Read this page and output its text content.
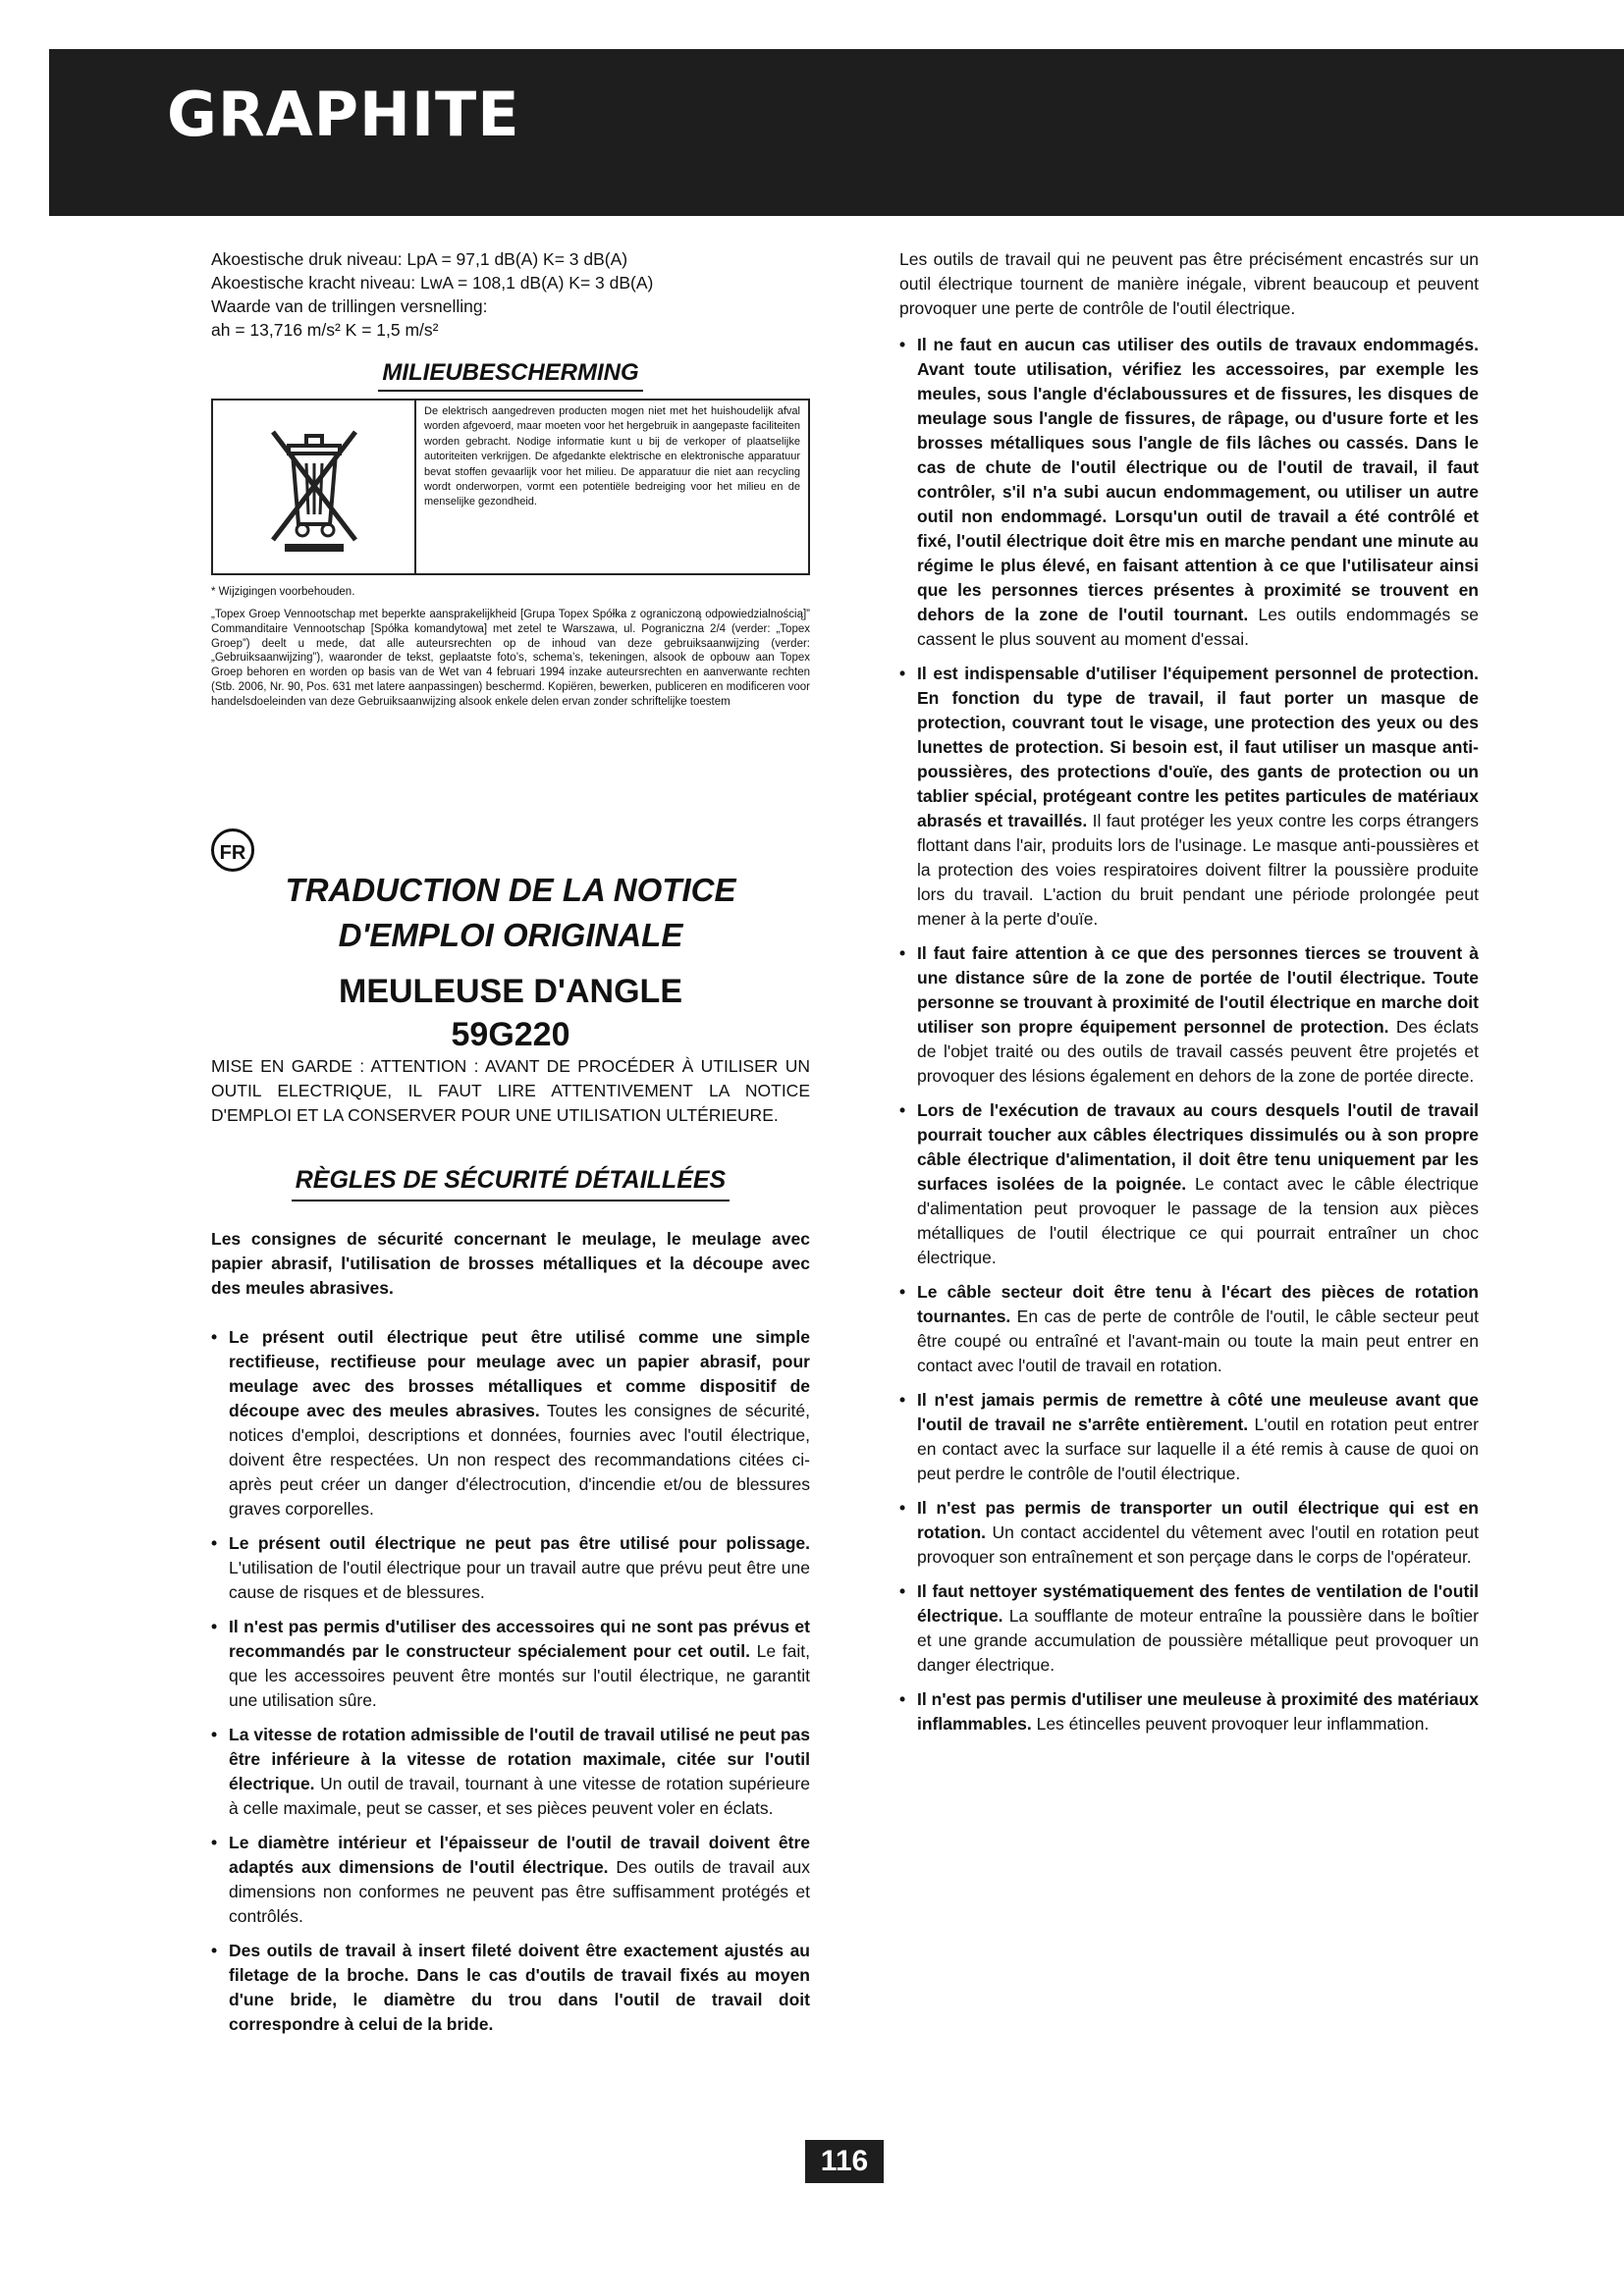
GRAPHITE

Akoestische druk niveau: LpA = 97,1 dB(A) K= 3 dB(A)

Akoestische kracht niveau: LwA = 108,1 dB(A) K= 3 dB(A)

Waarde van de trillingen versnelling:

ah = 13,716 m/s² K = 1,5 m/s²

MILIEUBESCHERMING
De elektrisch aangedreven producten mogen niet met het huishoudelijk afval worden afgevoerd, maar moeten voor het hergebruik in aangepaste faciliteiten worden gebracht. Nodige informatie kunt u bij de verkoper of plaatselijke autoriteiten verkrijgen. De afgedankte elektrische en elektronische apparatuur bevat stoffen gevaarlijk voor het milieu. De apparatuur die niet aan recycling wordt onderworpen, vormt een potentiële bedreiging voor het milieu en de menselijke gezondheid.

* Wijzigingen voorbehouden.

„Topex Groep Vennootschap met beperkte aansprakelijkheid [Grupa Topex Spółka z ograniczoną odpowiedzialnością]” Commanditaire Vennootschap [Spółka komandytowa] met zetel te Warszawa, ul. Pograniczna 2/4 (verder: „Topex Groep”) deelt u mede, dat alle auteursrechten op de inhoud van deze gebruiksaanwijzing (verder: „Gebruiksaanwijzing”), waaronder de tekst, geplaatste foto’s, schema’s, tekeningen, alsook de opbouw aan Topex Groep behoren en worden op basis van de Wet van 4 februari 1994 inzake auteursrechten en aanverwante rechten (Stb. 2006, Nr. 90, Pos. 631 met latere aanpassingen) beschermd. Kopiëren, bewerken, publiceren en modificeren voor handelsdoeleinden van deze Gebruiksaanwijzing alsook enkele delen ervan zonder schriftelijke toestem

FR
TRADUCTION DE LA NOTICE
D'EMPLOI ORIGINALE
MEULEUSE D'ANGLE
59G220

MISE EN GARDE : ATTENTION : AVANT DE PROCÉDER À UTILISER UN OUTIL ELECTRIQUE, IL FAUT LIRE ATTENTIVEMENT LA NOTICE D'EMPLOI ET LA CONSERVER POUR UNE UTILISATION ULTÉRIEURE.

RÈGLES DE SÉCURITÉ DÉTAILLÉES

Les consignes de sécurité concernant le meulage, le meulage avec papier abrasif, l'utilisation de brosses métalliques et la découpe avec des meules abrasives.

• Le présent outil électrique peut être utilisé comme une simple rectifieuse, rectifieuse pour meulage avec un papier abrasif, pour meulage avec des brosses métalliques et comme dispositif de découpe avec des meules abrasives. Toutes les consignes de sécurité, notices d'emploi, descriptions et données, fournies avec l'outil électrique, doivent être respectées. Un non respect des recommandations citées ci-après peut créer un danger d'électrocution, d'incendie et/ou de blessures graves corporelles.
• Le présent outil électrique ne peut pas être utilisé pour polissage. L'utilisation de l'outil électrique pour un travail autre que prévu peut être une cause de risques et de blessures.
• Il n'est pas permis d'utiliser des accessoires qui ne sont pas prévus et recommandés par le constructeur spécialement pour cet outil. Le fait, que les accessoires peuvent être montés sur l'outil électrique, ne garantit une utilisation sûre.
• La vitesse de rotation admissible de l'outil de travail utilisé ne peut pas être inférieure à la vitesse de rotation maximale, citée sur l'outil électrique. Un outil de travail, tournant à une vitesse de rotation supérieure à celle maximale, peut se casser, et ses pièces peuvent voler en éclats.
• Le diamètre intérieur et l'épaisseur de l'outil de travail doivent être adaptés aux dimensions de l'outil électrique. Des outils de travail aux dimensions non conformes ne peuvent pas être suffisamment protégés et contrôlés.
• Des outils de travail à insert fileté doivent être exactement ajustés au filetage de la broche. Dans le cas d'outils de travail fixés au moyen d'une bride, le diamètre du trou dans l'outil de travail doit correspondre à celui de la bride.

Les outils de travail qui ne peuvent pas être précisément encastrés sur un outil électrique tournent de manière inégale, vibrent beaucoup et peuvent provoquer une perte de contrôle de l'outil électrique.

• Il ne faut en aucun cas utiliser des outils de travaux endommagés. Avant toute utilisation, vérifiez les accessoires, par exemple les meules, sous l'angle d'éclaboussures et de fissures, les disques de meulage sous l'angle de fissures, de râpage, ou d'usure forte et les brosses métalliques sous l'angle de fils lâches ou cassés. Dans le cas de chute de l'outil électrique ou de l'outil de travail, il faut contrôler, s'il n'a subi aucun endommagement, ou utiliser un autre outil non endommagé. Lorsqu'un outil de travail a été contrôlé et fixé, l'outil électrique doit être mis en marche pendant une minute au régime le plus élevé, en faisant attention à ce que l'utilisateur ainsi que les personnes tierces présentes à proximité se trouvent en dehors de la zone de l'outil tournant. Les outils endommagés se cassent le plus souvent au moment d'essai.
• Il est indispensable d'utiliser l'équipement personnel de protection. En fonction du type de travail, il faut porter un masque de protection, couvrant tout le visage, une protection des yeux ou des lunettes de protection. Si besoin est, il faut utiliser un masque anti-poussières, des protections d'ouïe, des gants de protection ou un tablier spécial, protégeant contre les petites particules de matériaux abrasés et travaillés. Il faut protéger les yeux contre les corps étrangers flottant dans l'air, produits lors de l'usinage. Le masque anti-poussières et la protection des voies respiratoires doivent filtrer la poussière produite lors du travail. L'action du bruit pendant une période prolongée peut mener à la perte d'ouïe.
• Il faut faire attention à ce que des personnes tierces se trouvent à une distance sûre de la zone de portée de l'outil électrique. Toute personne se trouvant à proximité de l'outil électrique en marche doit utiliser son propre équipement personnel de protection. Des éclats de l'objet traité ou des outils de travail cassés peuvent être projetés et provoquer des lésions également en dehors de la zone de portée directe.
• Lors de l'exécution de travaux au cours desquels l'outil de travail pourrait toucher aux câbles électriques dissimulés ou à son propre câble électrique d'alimentation, il doit être tenu uniquement par les surfaces isolées de la poignée. Le contact avec le câble électrique d'alimentation peut provoquer le passage de la tension aux pièces métalliques de l'outil électrique ce qui pourrait entraîner un choc électrique.
• Le câble secteur doit être tenu à l'écart des pièces de rotation tournantes. En cas de perte de contrôle de l'outil, le câble secteur peut être coupé ou entraîné et l'avant-main ou toute la main peut entrer en contact avec l'outil de travail en rotation.
• Il n'est jamais permis de remettre à côté une meuleuse avant que l'outil de travail ne s'arrête entièrement. L'outil en rotation peut entrer en contact avec la surface sur laquelle il a été remis à cause de quoi on peut perdre le contrôle de l'outil électrique.
• Il n'est pas permis de transporter un outil électrique qui est en rotation. Un contact accidentel du vêtement avec l'outil en rotation peut provoquer son entraînement et son perçage dans le corps de l'opérateur.
• Il faut nettoyer systématiquement des fentes de ventilation de l'outil électrique. La soufflante de moteur entraîne la poussière dans le boîtier et une grande accumulation de poussière métallique peut provoquer un danger électrique.
• Il n'est pas permis d'utiliser une meuleuse à proximité des matériaux inflammables. Les étincelles peuvent provoquer leur inflammation.
116
